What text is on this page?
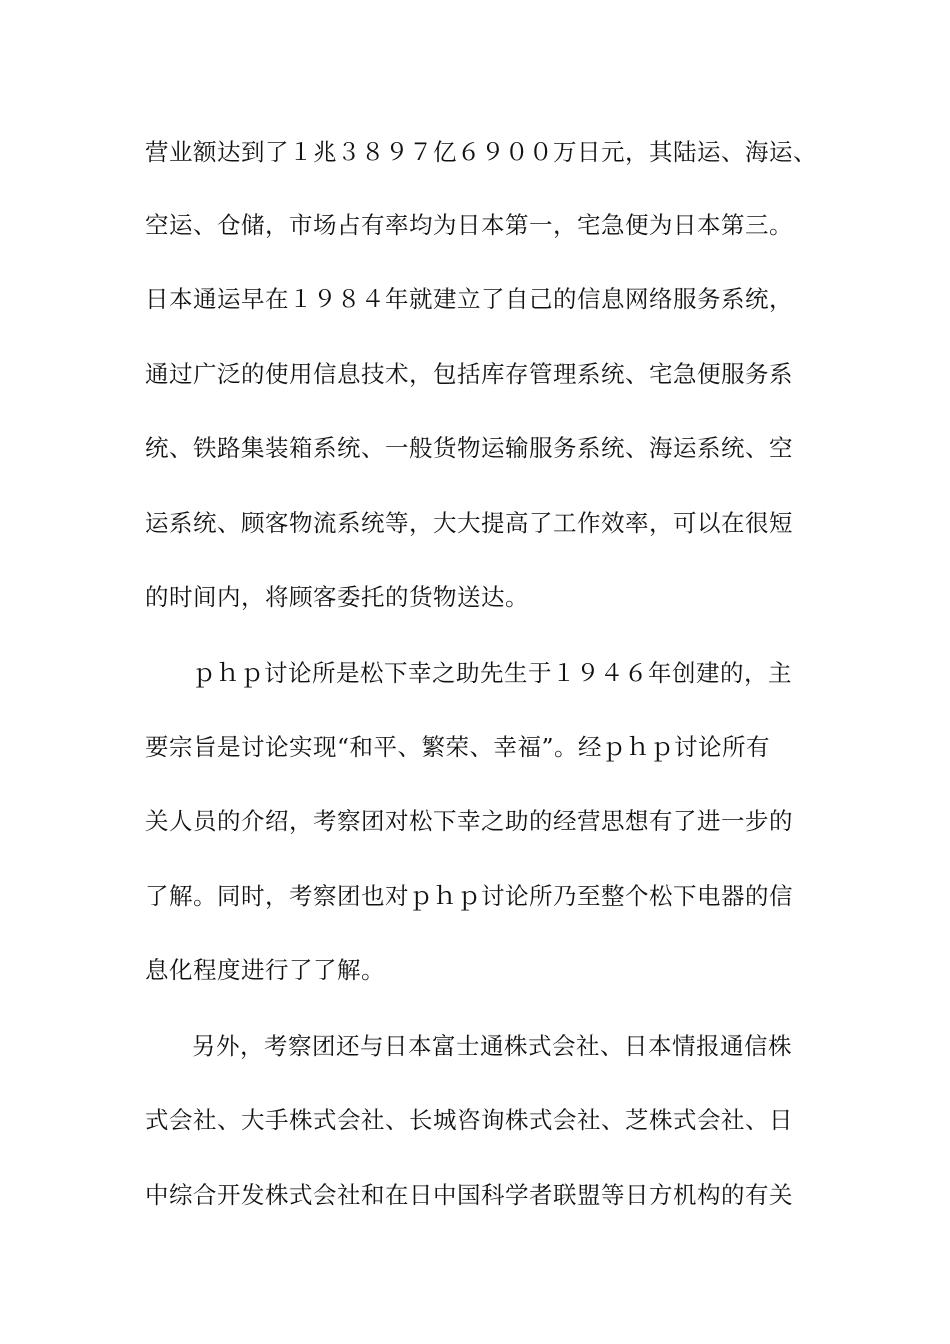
营业额达到了１兆３８９７亿６９００万日元，其陆运、海运、
空运、仓储，市场占有率均为日本第一，宅急便为日本第三。
日本通运早在１９８４年就建立了自己的信息网络服务系统，
通过广泛的使用信息技术，包括库存管理系统、宅急便服务系
统、铁路集装箱系统、一般货物运输服务系统、海运系统、空
运系统、顾客物流系统等，大大提高了工作效率，可以在很短
的时间内，将顾客委托的货物送达。
ｐｈｐ讨论所是松下幸之助先生于１９４６年创建的，主
要宗旨是讨论实现“和平、繁荣、幸福”。经ｐｈｐ讨论所有
关人员的介绍，考察团对松下幸之助的经营思想有了进一步的
了解。同时，考察团也对ｐｈｐ讨论所乃至整个松下电器的信
息化程度进行了了解。
另外，考察团还与日本富士通株式会社、日本情报通信株
式会社、大手株式会社、长城咨询株式会社、芝株式会社、日
中综合开发株式会社和在日中国科学者联盟等日方机构的有关
